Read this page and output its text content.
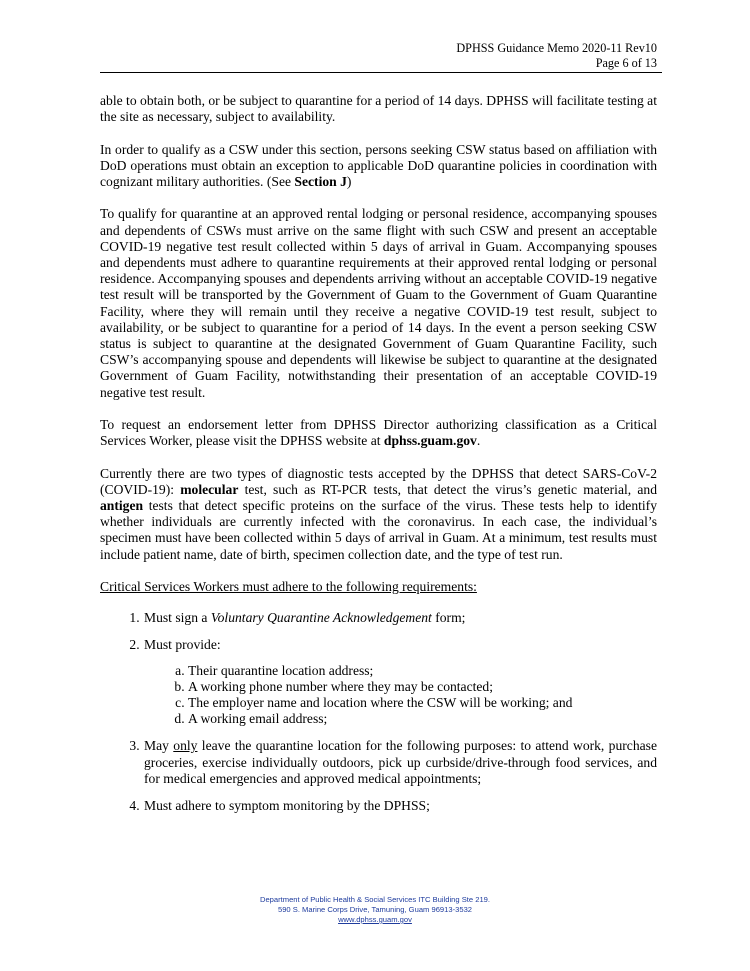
DPHSS Guidance Memo 2020-11 Rev10
Page 6 of 13

able to obtain both, or be subject to quarantine for a period of 14 days. DPHSS will facilitate testing at the site as necessary, subject to availability.

In order to qualify as a CSW under this section, persons seeking CSW status based on affiliation with DoD operations must obtain an exception to applicable DoD quarantine policies in coordination with cognizant military authorities. (See Section J)

To qualify for quarantine at an approved rental lodging or personal residence, accompanying spouses and dependents of CSWs must arrive on the same flight with such CSW and present an acceptable COVID-19 negative test result collected within 5 days of arrival in Guam. Accompanying spouses and dependents must adhere to quarantine requirements at their approved rental lodging or personal residence. Accompanying spouses and dependents arriving without an acceptable COVID-19 negative test result will be transported by the Government of Guam to the Government of Guam Quarantine Facility, where they will remain until they receive a negative COVID-19 test result, subject to availability, or be subject to quarantine for a period of 14 days. In the event a person seeking CSW status is subject to quarantine at the designated Government of Guam Quarantine Facility, such CSW’s accompanying spouse and dependents will likewise be subject to quarantine at the designated Government of Guam Facility, notwithstanding their presentation of an acceptable COVID-19 negative test result.

To request an endorsement letter from DPHSS Director authorizing classification as a Critical Services Worker, please visit the DPHSS website at dphss.guam.gov.

Currently there are two types of diagnostic tests accepted by the DPHSS that detect SARS-CoV-2 (COVID-19): molecular test, such as RT-PCR tests, that detect the virus’s genetic material, and antigen tests that detect specific proteins on the surface of the virus. These tests help to identify whether individuals are currently infected with the coronavirus. In each case, the individual’s specimen must have been collected within 5 days of arrival in Guam. At a minimum, test results must include patient name, date of birth, specimen collection date, and the type of test run.

Critical Services Workers must adhere to the following requirements:

1. Must sign a Voluntary Quarantine Acknowledgement form;
2. Must provide:
a. Their quarantine location address;
b. A working phone number where they may be contacted;
c. The employer name and location where the CSW will be working; and
d. A working email address;
3. May only leave the quarantine location for the following purposes: to attend work, purchase groceries, exercise individually outdoors, pick up curbside/drive-through food services, and for medical emergencies and approved medical appointments;
4. Must adhere to symptom monitoring by the DPHSS;
Department of Public Health & Social Services ITC Building Ste 219.
590 S. Marine Corps Drive, Tamuning, Guam 96913-3532
www.dphss.guam.gov
